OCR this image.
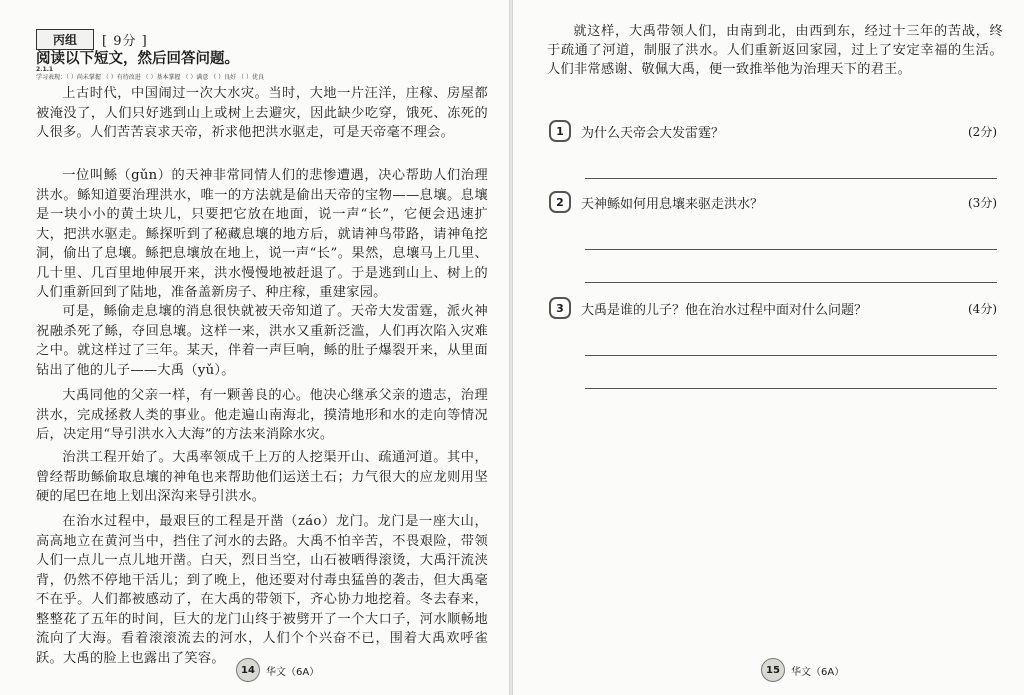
丙组	[ 9分 ]
阅读以下短文，然后回答问题。
2.1.1
学习表现：（ ）尚未掌握 （ ）有待改进 （ ）基本掌握 （ ）满意 （ ）良好 （ ）优良

上古时代，中国闹过一次大水灾。当时，大地一片汪洋，庄稼、房屋都被淹没了，人们只好逃到山上或树上去避灾，因此缺少吃穿，饿死、冻死的人很多。人们苦苦哀求天帝，祈求他把洪水驱走，可是天帝毫不理会。

一位叫鲧（gǔn）的天神非常同情人们的悲惨遭遇，决心帮助人们治理洪水。鲧知道要治理洪水，唯一的方法就是偷出天帝的宝物——息壤。息壤是一块小小的黄土块儿，只要把它放在地面，说一声“长”，它便会迅速扩大，把洪水驱走。鲧探听到了秘藏息壤的地方后，就请神鸟带路，请神龟挖洞，偷出了息壤。鲧把息壤放在地上，说一声“长”。果然，息壤马上几里、几十里、几百里地伸展开来，洪水慢慢地被赶退了。于是逃到山上、树上的人们重新回到了陆地，准备盖新房子、种庄稼，重建家园。

可是，鲧偷走息壤的消息很快就被天帝知道了。天帝大发雷霆，派火神祝融杀死了鲧，夺回息壤。这样一来，洪水又重新泛滥，人们再次陷入灾难之中。就这样过了三年。某天，伴着一声巨响，鲧的肚子爆裂开来，从里面钻出了他的儿子——大禹（yǔ）。

大禹同他的父亲一样，有一颗善良的心。他决心继承父亲的遗志，治理洪水，完成拯救人类的事业。他走遍山南海北，摸清地形和水的走向等情况后，决定用“导引洪水入大海”的方法来消除水灾。

治洪工程开始了。大禹率领成千上万的人挖渠开山、疏通河道。其中，曾经帮助鲧偷取息壤的神龟也来帮助他们运送土石；力气很大的应龙则用坚硬的尾巴在地上划出深沟来导引洪水。

在治水过程中，最艰巨的工程是开凿（záo）龙门。龙门是一座大山，高高地立在黄河当中，挡住了河水的去路。大禹不怕辛苦，不畏艰险，带领人们一点儿一点儿地开凿。白天，烈日当空，山石被晒得滚烫，大禹汗流浃背，仍然不停地干活儿；到了晚上，他还要对付毒虫猛兽的袭击，但大禹毫不在乎。人们都被感动了，在大禹的带领下，齐心协力地挖着。冬去春来，整整花了五年的时间，巨大的龙门山终于被劈开了一个大口子，河水顺畅地流向了大海。看着滚滚流去的河水，人们个个兴奋不已，围着大禹欢呼雀跃。大禹的脸上也露出了笑容。

14	华文（6A）

就这样，大禹带领人们，由南到北，由西到东，经过十三年的苦战，终于疏通了河道，制服了洪水。人们重新返回家园，过上了安定幸福的生活。人们非常感谢、敬佩大禹，便一致推举他为治理天下的君王。

1	为什么天帝会大发雷霆？	(2分)
2	天神鲧如何用息壤来驱走洪水？	(3分)
3	大禹是谁的儿子？他在治水过程中面对什么问题？	(4分)
15	华文（6A）
